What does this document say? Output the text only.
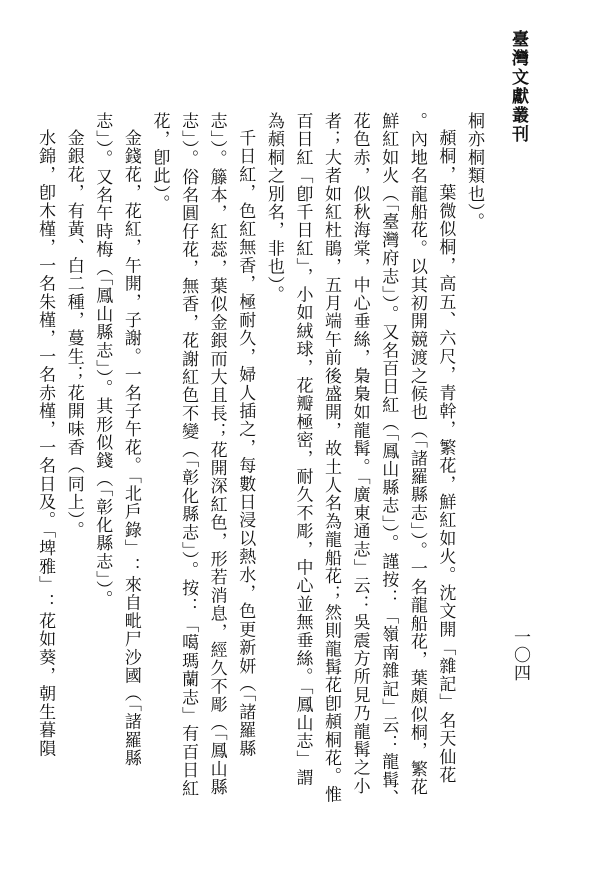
臺灣文獻叢刊
一〇四
桐亦桐類也）。
頳桐，葉微似桐，高五、六尺，青幹，繁花，鮮紅如火。沈文開「雜記」名天仙花
。內地名龍船花。以其初開競渡之候也（「諸羅縣志」）。一名龍船花，葉頗似桐，繁花
鮮紅如火（「臺灣府志」）。又名百日紅（「鳳山縣志」）。謹按：「嶺南雜記」云：龍髯、
花色赤，似秋海棠，中心垂絲，梟梟如龍髯。「廣東通志」云：吳震方所見乃龍髯之小
者；大者如紅杜鵑，五月端午前後盛開，故土人名為龍船花；然則龍髯花卽頳桐花。惟
百日紅「卽千日紅」，小如絨球，花瓣極密，耐久不彫，中心並無垂絲。「鳳山志」謂
為頳桐之別名，非也）。
千日紅，色紅無香，極耐久，婦人插之，每數日浸以熱水，色更新妍（「諸羅縣
志」）。籐本，紅蕊，葉似金銀而大且長；花開深紅色，形若消息，經久不彫（「鳳山縣
志」）。俗名圓仔花，無香，花謝紅色不變（「彰化縣志」）。按：「噶瑪蘭志」有百日紅
花，卽此）。
金錢花，花紅，午開，子謝。一名子午花。「北戶錄」：來自毗尸沙國（「諸羅縣
志」）。又名午時梅（「鳳山縣志」）。其形似錢（「彰化縣志」）。
金銀花，有黃、白二種，蔓生；花開味香（同上）。
水錦，卽木槿，一名朱槿，一名赤槿，一名日及。「埤雅」：花如葵，朝生暮隕
